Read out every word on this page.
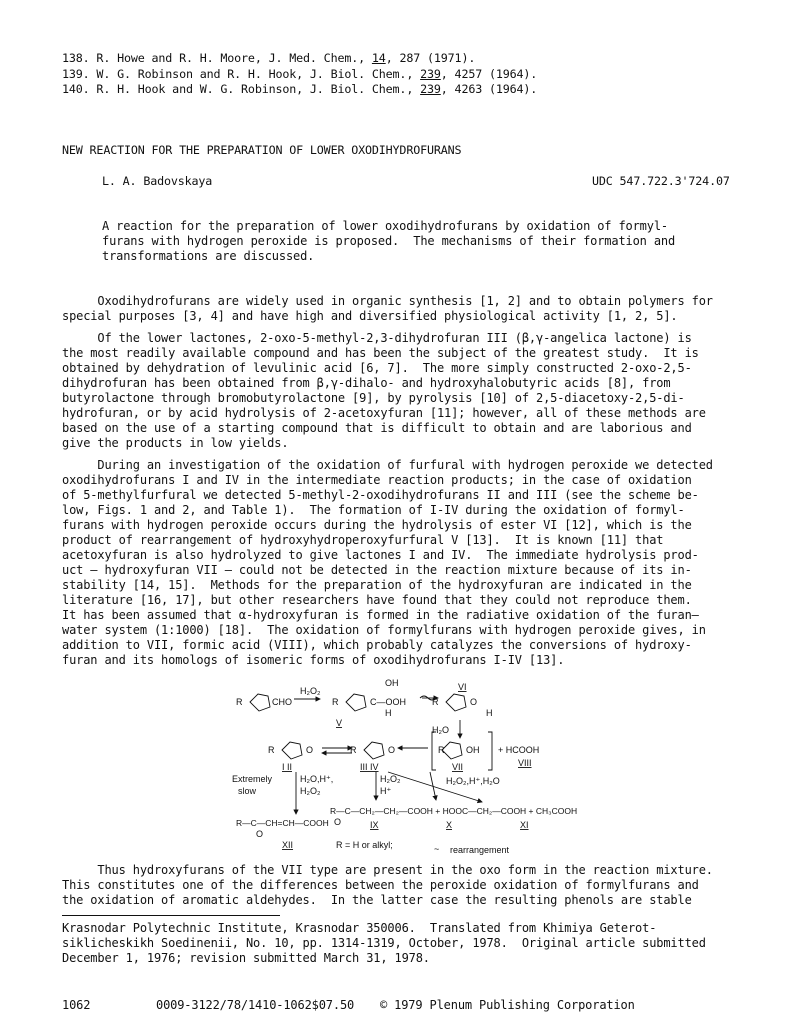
138. R. Howe and R. H. Moore, J. Med. Chem., 14, 287 (1971).
139. W. G. Robinson and R. H. Hook, J. Biol. Chem., 239, 4257 (1964).
140. R. H. Hook and W. G. Robinson, J. Biol. Chem., 239, 4263 (1964).
NEW REACTION FOR THE PREPARATION OF LOWER OXODIHYDROFURANS
L. A. Badovskaya	UDC 547.722.3'724.07
A reaction for the preparation of lower oxodihydrofurans by oxidation of formyl-
furans with hydrogen peroxide is proposed.  The mechanisms of their formation and
transformations are discussed.
Oxodihydrofurans are widely used in organic synthesis [1, 2] and to obtain polymers for
special purposes [3, 4] and have high and diversified physiological activity [1, 2, 5].
Of the lower lactones, 2-oxo-5-methyl-2,3-dihydrofuran III (β,γ-angelica lactone) is
the most readily available compound and has been the subject of the greatest study.  It is
obtained by dehydration of levulinic acid [6, 7].  The more simply constructed 2-oxo-2,5-
dihydrofuran has been obtained from β,γ-dihalo- and hydroxyhalobutyric acids [8], from
butyrolactone through bromobutyrolactone [9], by pyrolysis [10] of 2,5-diacetoxy-2,5-di-
hydrofuran, or by acid hydrolysis of 2-acetoxyfuran [11]; however, all of these methods are
based on the use of a starting compound that is difficult to obtain and are laborious and
give the products in low yields.
During an investigation of the oxidation of furfural with hydrogen peroxide we detected
oxodihydrofurans I and IV in the intermediate reaction products; in the case of oxidation
of 5-methylfurfural we detected 5-methyl-2-oxodihydrofurans II and III (see the scheme be-
low, Figs. 1 and 2, and Table 1).  The formation of I-IV during the oxidation of formyl-
furans with hydrogen peroxide occurs during the hydrolysis of ester VI [12], which is the
product of rearrangement of hydroxyhydroperoxyfurfural V [13].  It is known [11] that
acetoxyfuran is also hydrolyzed to give lactones I and IV.  The immediate hydrolysis prod-
uct — hydroxyfuran VII — could not be detected in the reaction mixture because of its in-
stability [14, 15].  Methods for the preparation of the hydroxyfuran are indicated in the
literature [16, 17], but other researchers have found that they could not reproduce them.
It has been assumed that α-hydroxyfuran is formed in the radiative oxidation of the furan—
water system (1:1000) [18].  The oxidation of formylfurans with hydrogen peroxide gives, in
addition to VII, formic acid (VIII), which probably catalyzes the conversions of hydroxy-
furan and its homologs of isomeric forms of oxodihydrofurans I-IV [13].
R	CHO
H₂O₂
R
OH
C—OOH
H
V
R	O
H
VI
H₂O
R	O
I II
R	O
III IV
R OH
VII
+ HCOOH
VIII
Extremely
slow
H₂O,H⁺,
H₂O₂
H₂O₂
H⁺
H₂O₂,H⁺,H₂O
R—C—CH₂—CH₂—COOH + HOOC—CH₂—COOH + CH₃COOH
O	IX	X	XI
R—C—CH=CH—COOH
O
XII	R = H or alkyl;	~ rearrangement
Thus hydroxyfurans of the VII type are present in the oxo form in the reaction mixture.
This constitutes one of the differences between the peroxide oxidation of formylfurans and
the oxidation of aromatic aldehydes.  In the latter case the resulting phenols are stable
Krasnodar Polytechnic Institute, Krasnodar 350006.  Translated from Khimiya Geterot-
siklicheskikh Soedinenii, No. 10, pp. 1314-1319, October, 1978.  Original article submitted
December 1, 1976; revision submitted March 31, 1978.
1062	0009-3122/78/1410-1062$07.50 © 1979 Plenum Publishing Corporation
